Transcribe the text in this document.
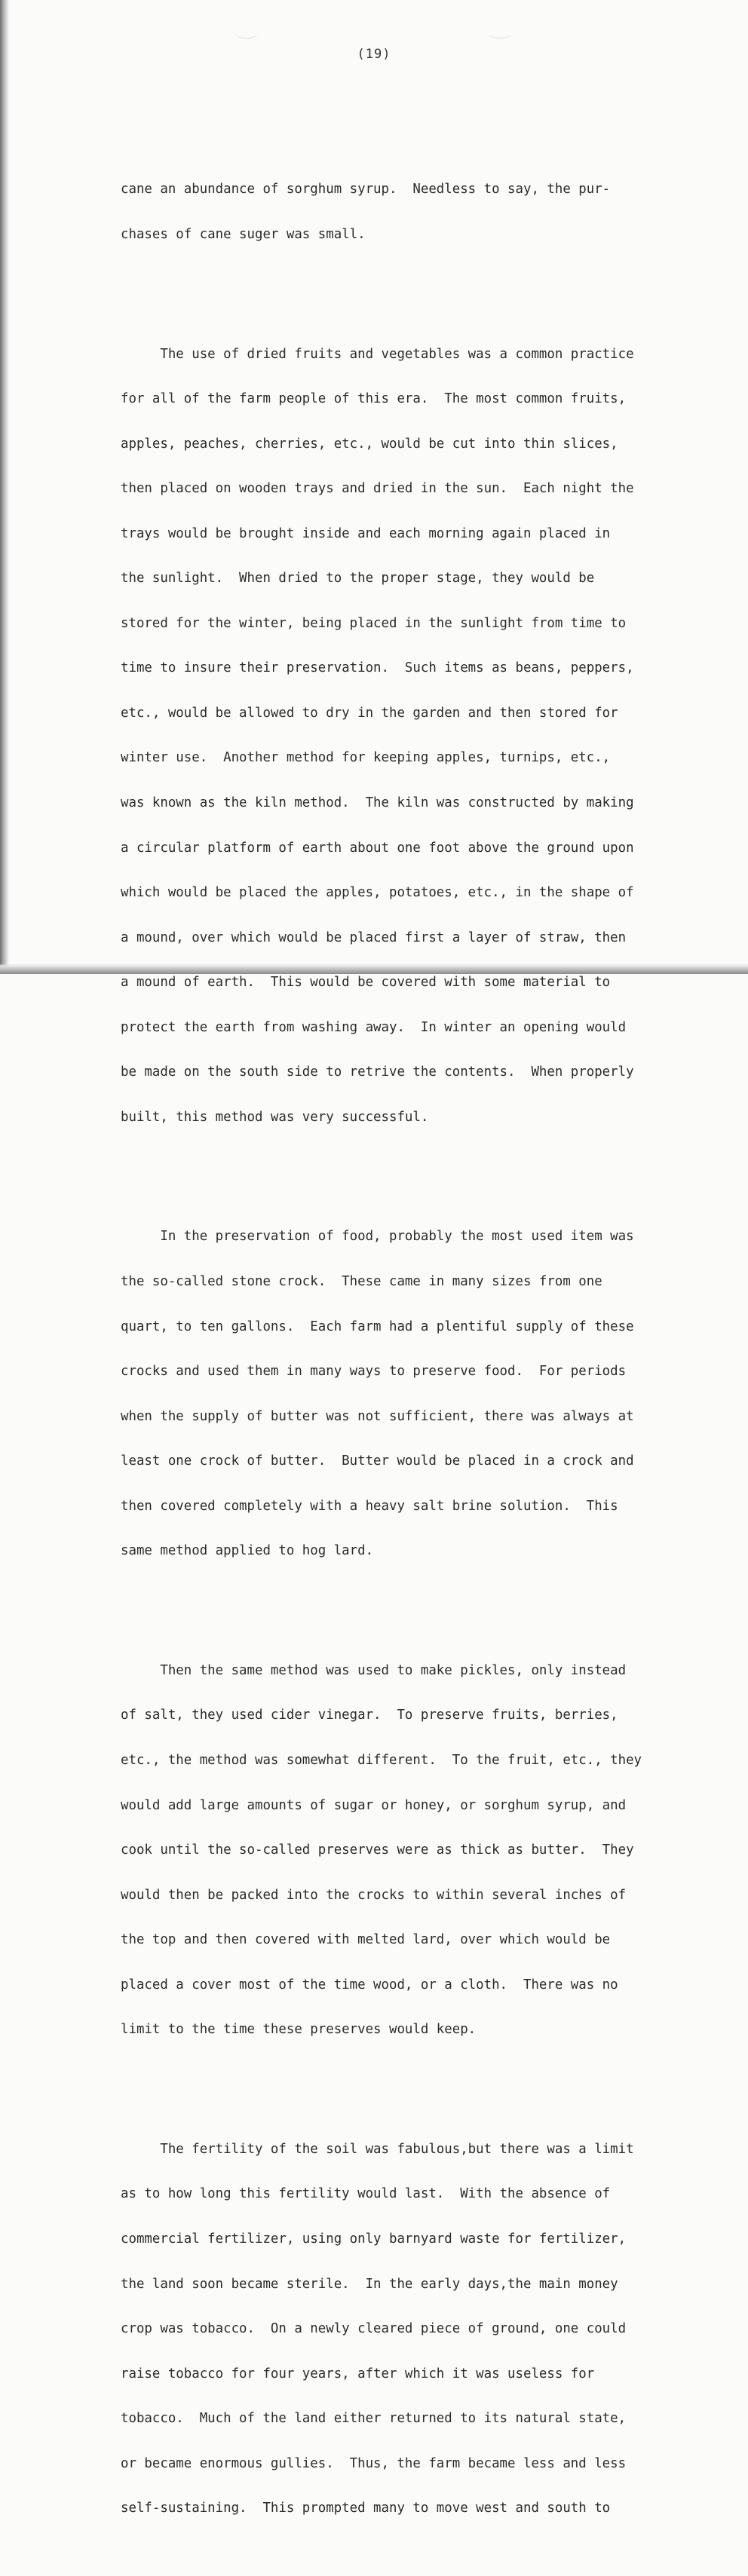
(19)

cane an abundance of sorghum syrup.  Needless to say, the pur-

chases of cane suger was small.

The use of dried fruits and vegetables was a common practice

for all of the farm people of this era.  The most common fruits,

apples, peaches, cherries, etc., would be cut into thin slices,

then placed on wooden trays and dried in the sun.  Each night the

trays would be brought inside and each morning again placed in

the sunlight.  When dried to the proper stage, they would be

stored for the winter, being placed in the sunlight from time to

time to insure their preservation.  Such items as beans, peppers,

etc., would be allowed to dry in the garden and then stored for

winter use.  Another method for keeping apples, turnips, etc.,

was known as the kiln method.  The kiln was constructed by making

a circular platform of earth about one foot above the ground upon

which would be placed the apples, potatoes, etc., in the shape of

a mound, over which would be placed first a layer of straw, then

a mound of earth.  This would be covered with some material to

protect the earth from washing away.  In winter an opening would

be made on the south side to retrive the contents.  When properly

built, this method was very successful.

In the preservation of food, probably the most used item was

the so-called stone crock.  These came in many sizes from one

quart, to ten gallons.  Each farm had a plentiful supply of these

crocks and used them in many ways to preserve food.  For periods

when the supply of butter was not sufficient, there was always at

least one crock of butter.  Butter would be placed in a crock and

then covered completely with a heavy salt brine solution.  This

same method applied to hog lard.

Then the same method was used to make pickles, only instead

of salt, they used cider vinegar.  To preserve fruits, berries,

etc., the method was somewhat different.  To the fruit, etc., they

would add large amounts of sugar or honey, or sorghum syrup, and

cook until the so-called preserves were as thick as butter.  They

would then be packed into the crocks to within several inches of

the top and then covered with melted lard, over which would be

placed a cover most of the time wood, or a cloth.  There was no

limit to the time these preserves would keep.

The fertility of the soil was fabulous,but there was a limit

as to how long this fertility would last.  With the absence of

commercial fertilizer, using only barnyard waste for fertilizer,

the land soon became sterile.  In the early days,the main money

crop was tobacco.  On a newly cleared piece of ground, one could

raise tobacco for four years, after which it was useless for

tobacco.  Much of the land either returned to its natural state,

or became enormous gullies.  Thus, the farm became less and less

self-sustaining.  This prompted many to move west and south to
